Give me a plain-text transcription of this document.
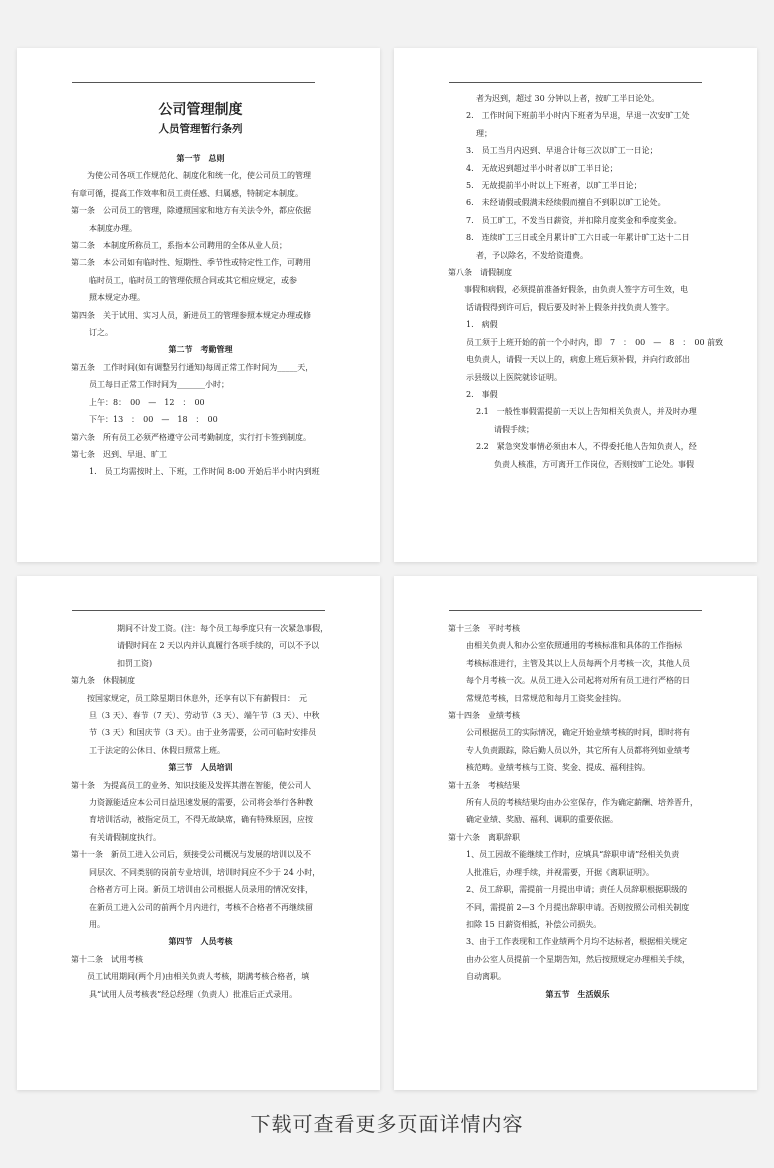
公司管理制度
人员管理暂行条列
第一节　总则
　　为使公司各项工作规范化、制度化和统一化，使公司员工的管理
有章可循，提高工作效率和员工责任感、归属感，特制定本制度。
第一条　公司员工的管理，除遵照国家和地方有关法令外，都应依据
本制度办理。
第二条　本制度所称员工，系指本公司聘用的全体从业人员；
第二条　本公司如有临时性、短期性、季节性或特定性工作，可聘用
临时员工，临时员工的管理依照合同或其它相应规定，或参
照本规定办理。
第四条　关于试用、实习人员，新进员工的管理参照本规定办理或修
订之。
第二节　考勤管理
第五条　工作时间(如有调整另行通知)每周正常工作时间为_____天，
员工每日正常工作时间为_______小时；
上午：8：　00　—　12　：　00
下午：13　：　00　—　18　：　00
第六条　所有员工必须严格遵守公司考勤制度，实行打卡签到制度。
第七条　迟到、早退、旷工
1.　员工均需按时上、下班，工作时间 8:00 开始后半小时内到班
者为迟到，超过 30 分钟以上者，按旷工半日论处。
2.　工作时间下班前半小时内下班者为早退，早退一次安旷工处
理；
3.　员工当月内迟到、早退合计每三次以旷工一日论；
4.　无故迟到超过半小时者以旷工半日论；
5.　无故提前半小时以上下班者，以旷工半日论；
6.　未经请假或假满未经续假而擅自不到职以旷工论处。
7.　员工旷工，不发当日薪资，并扣除月度奖金和季度奖金。
8.　连续旷工三日或全月累计旷工六日或一年累计旷工达十二日
者，予以除名，不发给资遣费。
第八条　请假制度
　　事假和病假，必须提前准备好假条，由负责人签字方可生效，电
话请假得到许可后，假后要及时补上假条并找负责人签字。
1.　病假
员工须于上班开始的前一个小时内，即　7　：　00　—　8　：　00 前致
电负责人，请假一天以上的，病愈上班后须补假，并向行政部出
示县级以上医院就诊证明。
2.　事假
2.1　一般性事假需提前一天以上告知相关负责人，并及时办理
请假手续；
2.2　紧急突发事情必须由本人，不得委托他人告知负责人，经
负责人核准，方可离开工作岗位，否则按旷工论处。事假
期间不计发工资。(注：每个员工每季度只有一次紧急事假，
请假时间在 2 天以内并认真履行各项手续的，可以不予以
扣罚工资)
第九条　休假制度
　　按国家规定，员工除星期日休息外，还享有以下有薪假日：　元
旦（3 天）、春节（7 天）、劳动节（3 天）、端午节（3 天）、中秋
节（3 天）和国庆节（3 天）。由于业务需要，公司可临时安排员
工于法定的公休日、休假日照常上班。
第三节　人员培训
第十条　为提高员工的业务、知识技能及发挥其潜在智能，使公司人
力资源能适应本公司日益迅速发展的需要，公司将会举行各种教
育培训活动，被指定员工，不得无故缺席，确有特殊原因，应按
有关请假制度执行。
第十一条　新员工进入公司后，须接受公司概况与发展的培训以及不
同层次、不同类别的岗前专业培训，培训时间应不少于 24 小时，
合格者方可上岗。新员工培训由公司根据人员录用的情况安排，
在新员工进入公司的前两个月内进行，考核不合格者不再继续留
用。
第四节　人员考核
第十二条　试用考核
　　员工试用期间(两个月)由相关负责人考核，期满考核合格者，填
具“试用人员考核表”经总经理（负责人）批准后正式录用。
第十三条　平时考核
由相关负责人和办公室依照通用的考核标准和具体的工作指标
考核标准进行，主管及其以上人员每两个月考核一次，其他人员
每个月考核一次。从员工进入公司起将对所有员工进行严格的日
常规范考核，日常规范和每月工资奖金挂钩。
第十四条　业绩考核
公司根据员工的实际情况，确定开始业绩考核的时间，即时将有
专人负责跟踪，除后勤人员以外，其它所有人员都将列如业绩考
核范畴。业绩考核与工资、奖金、提成、福利挂钩。
第十五条　考核结果
所有人员的考核结果均由办公室保存，作为确定薪酬、培养晋升，
确定业绩、奖励、福利、调职的重要依据。
第十六条　离职辞职
1、员工因故不能继续工作时，应填具“辞职申请”经相关负责
人批准后，办理手续，并视需要，开据《离职证明》。
2、员工辞职，需提前一月提出申请；责任人员辞职根据职级的
不同，需提前 2—3 个月提出辞职申请。否则按照公司相关制度
扣除 15 日薪资相抵，补偿公司损失。
3、由于工作表现和工作业绩两个月均不达标者，根据相关规定
由办公室人员提前一个星期告知，然后按照规定办理相关手续，
自动离职。
第五节　生活娱乐
下载可查看更多页面详情内容
